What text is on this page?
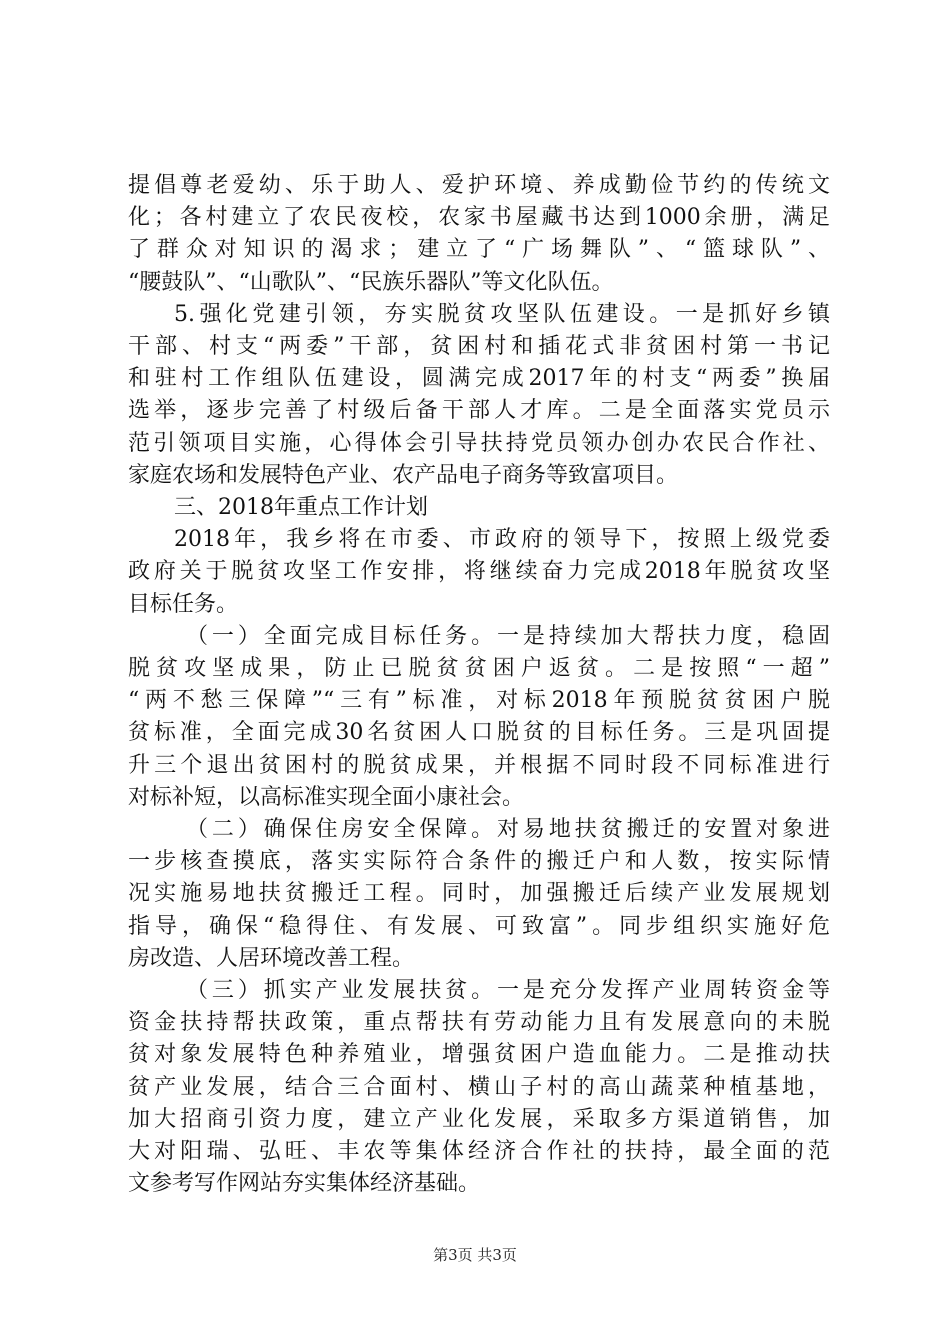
提倡尊老爱幼、乐于助人、爱护环境、养成勤俭节约的传统文
化；各村建立了农民夜校，农家书屋藏书达到1000余册，满足
了群众对知识的渴求；建立了“广场舞队”、“篮球队”、
“腰鼓队”、“山歌队”、“民族乐器队”等文化队伍。
5.强化党建引领，夯实脱贫攻坚队伍建设。一是抓好乡镇
干部、村支“两委”干部，贫困村和插花式非贫困村第一书记
和驻村工作组队伍建设，圆满完成2017年的村支“两委”换届
选举，逐步完善了村级后备干部人才库。二是全面落实党员示
范引领项目实施，心得体会引导扶持党员领办创办农民合作社、
家庭农场和发展特色产业、农产品电子商务等致富项目。
三、2018年重点工作计划
2018年，我乡将在市委、市政府的领导下，按照上级党委
政府关于脱贫攻坚工作安排，将继续奋力完成2018年脱贫攻坚
目标任务。
（一）全面完成目标任务。一是持续加大帮扶力度，稳固
脱贫攻坚成果，防止已脱贫贫困户返贫。二是按照“一超”
“两不愁三保障”“三有”标准，对标2018年预脱贫贫困户脱
贫标准，全面完成30名贫困人口脱贫的目标任务。三是巩固提
升三个退出贫困村的脱贫成果，并根据不同时段不同标准进行
对标补短，以高标准实现全面小康社会。
（二）确保住房安全保障。对易地扶贫搬迁的安置对象进
一步核查摸底，落实实际符合条件的搬迁户和人数，按实际情
况实施易地扶贫搬迁工程。同时，加强搬迁后续产业发展规划
指导，确保“稳得住、有发展、可致富”。同步组织实施好危
房改造、人居环境改善工程。
（三）抓实产业发展扶贫。一是充分发挥产业周转资金等
资金扶持帮扶政策，重点帮扶有劳动能力且有发展意向的未脱
贫对象发展特色种养殖业，增强贫困户造血能力。二是推动扶
贫产业发展，结合三合面村、横山子村的高山蔬菜种植基地，
加大招商引资力度，建立产业化发展，采取多方渠道销售，加
大对阳瑞、弘旺、丰农等集体经济合作社的扶持，最全面的范
文参考写作网站夯实集体经济基础。
第3页 共3页
